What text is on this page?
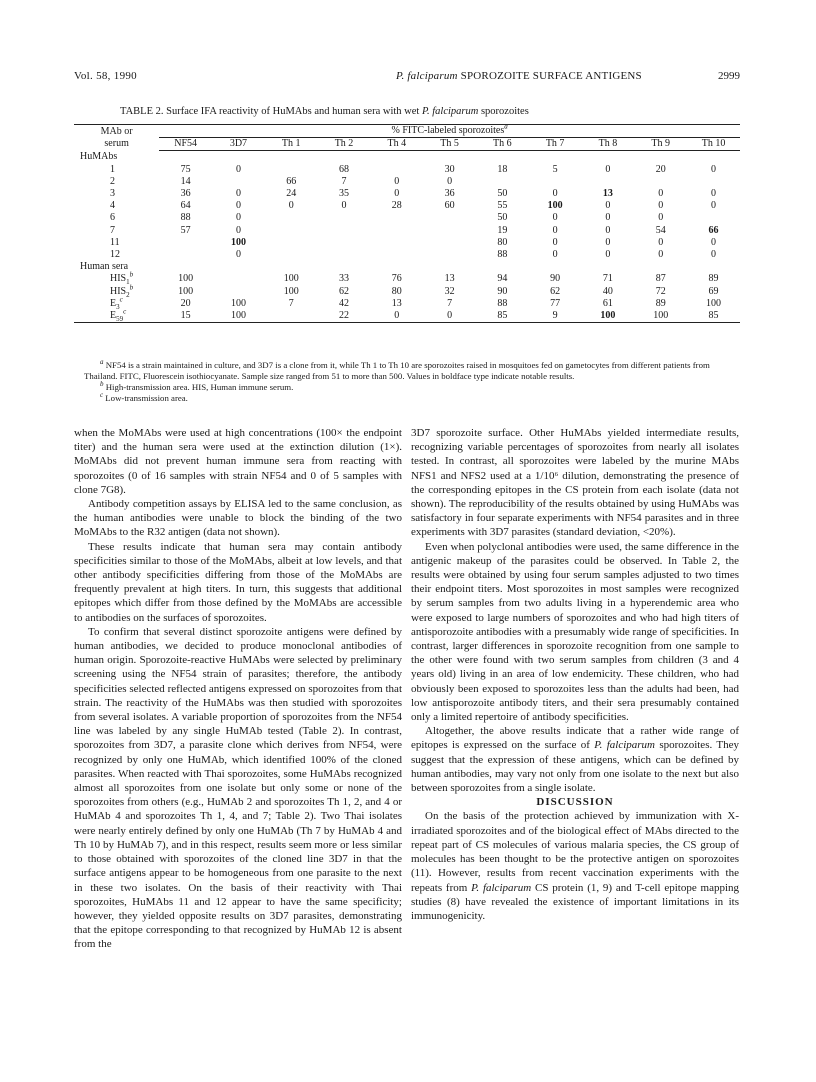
Vol. 58, 1990	P. falciparum SPOROZOITE SURFACE ANTIGENS	2999
TABLE 2. Surface IFA reactivity of HuMAbs and human sera with wet P. falciparum sporozoites
MAb or
serum	% FITC-labeled sporozoites$^a$
	NF54	3D7	Th 1	Th 2	Th 4	Th 5	Th 6	Th 7	Th 8	Th 9	Th 10
HuMAbs											
1	75	0		68		30	18	5	0	20	0
2	14		66	7	0	0					
3	36	0	24	35	0	36	50	0	13	0	0
4	64	0	0	0	28	60	55	100	0	0	0
6	88	0					50	0	0	0	
7	57	0					19	0	0	54	66
11		100					80	0	0	0	0
12		0					88	0	0	0	0
Human sera											
$HIS_1^b$	100		100	33	76	13	94	90	71	87	89
$HIS_2^b$	100		100	62	80	32	90	62	40	72	69
$E_3^c$	20	100	7	42	13	7	88	77	61	89	100
$E_{59}^c$	15	100		22	0	0	85	9	100	100	85

$^a$ NF54 is a strain maintained in culture, and 3D7 is a clone from it, while Th 1 to Th 10 are sporozoites raised in mosquitoes fed on gametocytes from different patients from Thailand. FITC, Fluorescein isothiocyanate. Sample size ranged from 51 to more than 500. Values in boldface type indicate notable results.

$^b$ High-transmission area. HIS, Human immune serum.

$^c$ Low-transmission area.

when the MoMAbs were used at high concentrations (100× the endpoint titer) and the human sera were used at the extinction dilution (1×). MoMAbs did not prevent human immune sera from reacting with sporozoites (0 of 16 samples with strain NF54 and 0 of 5 samples with clone 7G8).

Antibody competition assays by ELISA led to the same conclusion, as the human antibodies were unable to block the binding of the two MoMAbs to the R32 antigen (data not shown).

These results indicate that human sera may contain antibody specificities similar to those of the MoMAbs, albeit at low levels, and that other antibody specificities differing from those of the MoMAbs are frequently prevalent at high titers. In turn, this suggests that additional epitopes which differ from those defined by the MoMAbs are accessible to antibodies on the surfaces of sporozoites.

To confirm that several distinct sporozoite antigens were defined by human antibodies, we decided to produce monoclonal antibodies of human origin. Sporozoite-reactive HuMAbs were selected by preliminary screening using the NF54 strain of parasites; therefore, the antibody specificities selected reflected antigens expressed on sporozoites from that strain. The reactivity of the HuMAbs was then studied with sporozoites from several isolates. A variable proportion of sporozoites from the NF54 line was labeled by any single HuMAb tested (Table 2). In contrast, sporozoites from 3D7, a parasite clone which derives from NF54, were recognized by only one HuMAb, which identified 100% of the cloned parasites. When reacted with Thai sporozoites, some HuMAbs recognized almost all sporozoites from one isolate but only some or none of the sporozoites from others (e.g., HuMAb 2 and sporozoites Th 1, 2, and 4 or HuMAb 4 and sporozoites Th 1, 4, and 7; Table 2). Two Thai isolates were nearly entirely defined by only one HuMAb (Th 7 by HuMAb 4 and Th 10 by HuMAb 7), and in this respect, results seem more or less similar to those obtained with sporozoites of the cloned line 3D7 in that the surface antigens appear to be homogeneous from one parasite to the next in these two isolates. On the basis of their reactivity with Thai sporozoites, HuMAbs 11 and 12 appear to have the same specificity; however, they yielded opposite results on 3D7 parasites, demonstrating that the epitope corresponding to that recognized by HuMAb 12 is absent from the

3D7 sporozoite surface. Other HuMAbs yielded intermediate results, recognizing variable percentages of sporozoites from nearly all isolates tested. In contrast, all sporozoites were labeled by the murine MAbs NFS1 and NFS2 used at a 1/10⁶ dilution, demonstrating the presence of the corresponding epitopes in the CS protein from each isolate (data not shown). The reproducibility of the results obtained by using HuMAbs was satisfactory in four separate experiments with NF54 parasites and in three experiments with 3D7 parasites (standard deviation, <20%).

Even when polyclonal antibodies were used, the same difference in the antigenic makeup of the parasites could be observed. In Table 2, the results were obtained by using four serum samples adjusted to two times their endpoint titers. Most sporozoites in most samples were recognized by serum samples from two adults living in a hyperendemic area who were exposed to large numbers of sporozoites and who had high titers of antisporozoite antibodies with a presumably wide range of specificities. In contrast, larger differences in sporozoite recognition from one sample to the other were found with two serum samples from children (3 and 4 years old) living in an area of low endemicity. These children, who had obviously been exposed to sporozoites less than the adults had been, had low antisporozoite antibody titers, and their sera presumably contained only a limited repertoire of antibody specificities.

Altogether, the above results indicate that a rather wide range of epitopes is expressed on the surface of P. falciparum sporozoites. They suggest that the expression of these antigens, which can be defined by human antibodies, may vary not only from one isolate to the next but also between sporozoites from a single isolate.

DISCUSSION

On the basis of the protection achieved by immunization with X-irradiated sporozoites and of the biological effect of MAbs directed to the repeat part of CS molecules of various malaria species, the CS group of molecules has been thought to be the protective antigen on sporozoites (11). However, results from recent vaccination experiments with the repeats from P. falciparum CS protein (1, 9) and T-cell epitope mapping studies (8) have revealed the existence of important limitations in its immunogenicity.
